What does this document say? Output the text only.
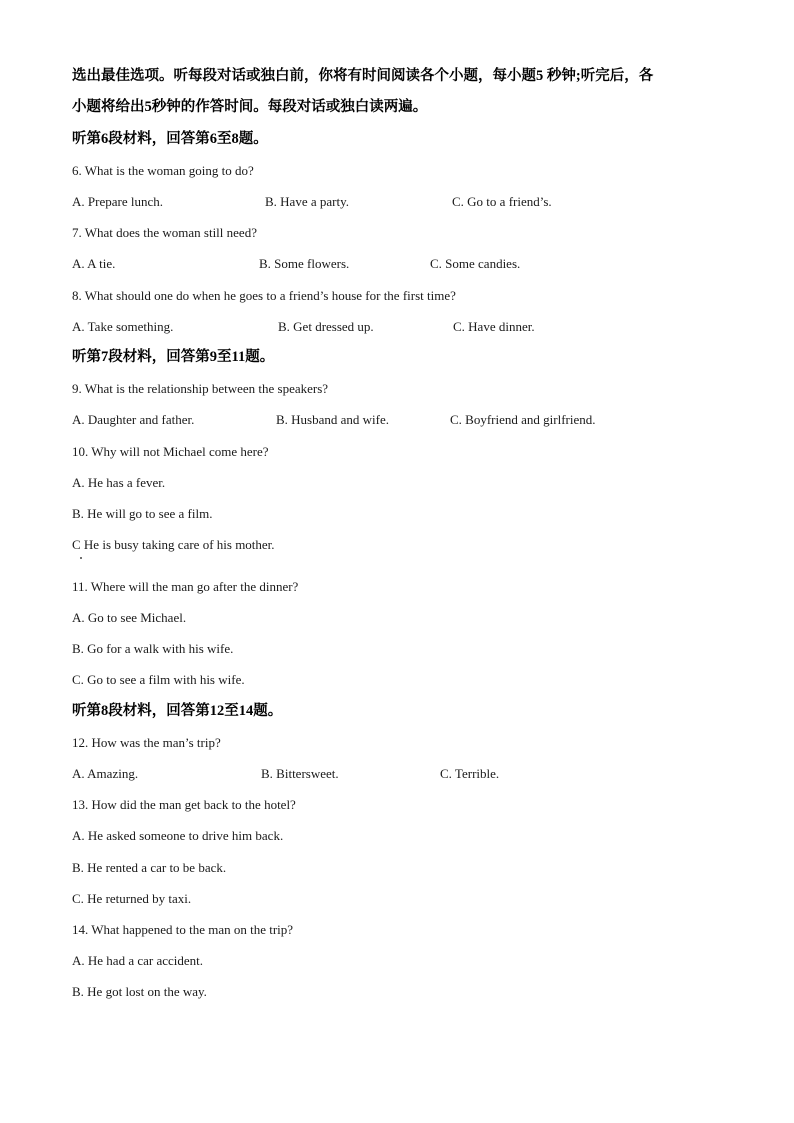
选出最佳选项。听每段对话或独白前，你将有时间阅读各个小题，每小题5 秒钟;听完后，各
小题将给出5秒钟的作答时间。每段对话或独白读两遍。
听第6段材料，回答第6至8题。
6. What is the woman going to do?
A. Prepare lunch.	B. Have a party.	C. Go to a friend’s.
7. What does the woman still need?
A. A tie.	B. Some flowers.	C. Some candies.
8. What should one do when he goes to a friend’s house for the first time?
A. Take something.	B. Get dressed up.	C. Have dinner.
听第7段材料，回答第9至11题。
9. What is the relationship between the speakers?
A. Daughter and father.	B. Husband and wife.	C. Boyfriend and girlfriend.
10. Why will not Michael come here?
A. He has a fever.
B. He will go to see a film.
C He is busy taking care of his mother.
11. Where will the man go after the dinner?
A. Go to see Michael.
B. Go for a walk with his wife.
C. Go to see a film with his wife.
听第8段材料，回答第12至14题。
12. How was the man’s trip?
A. Amazing.	B. Bittersweet.	C. Terrible.
13. How did the man get back to the hotel?
A. He asked someone to drive him back.
B. He rented a car to be back.
C. He returned by taxi.
14. What happened to the man on the trip?
A. He had a car accident.
B. He got lost on the way.
